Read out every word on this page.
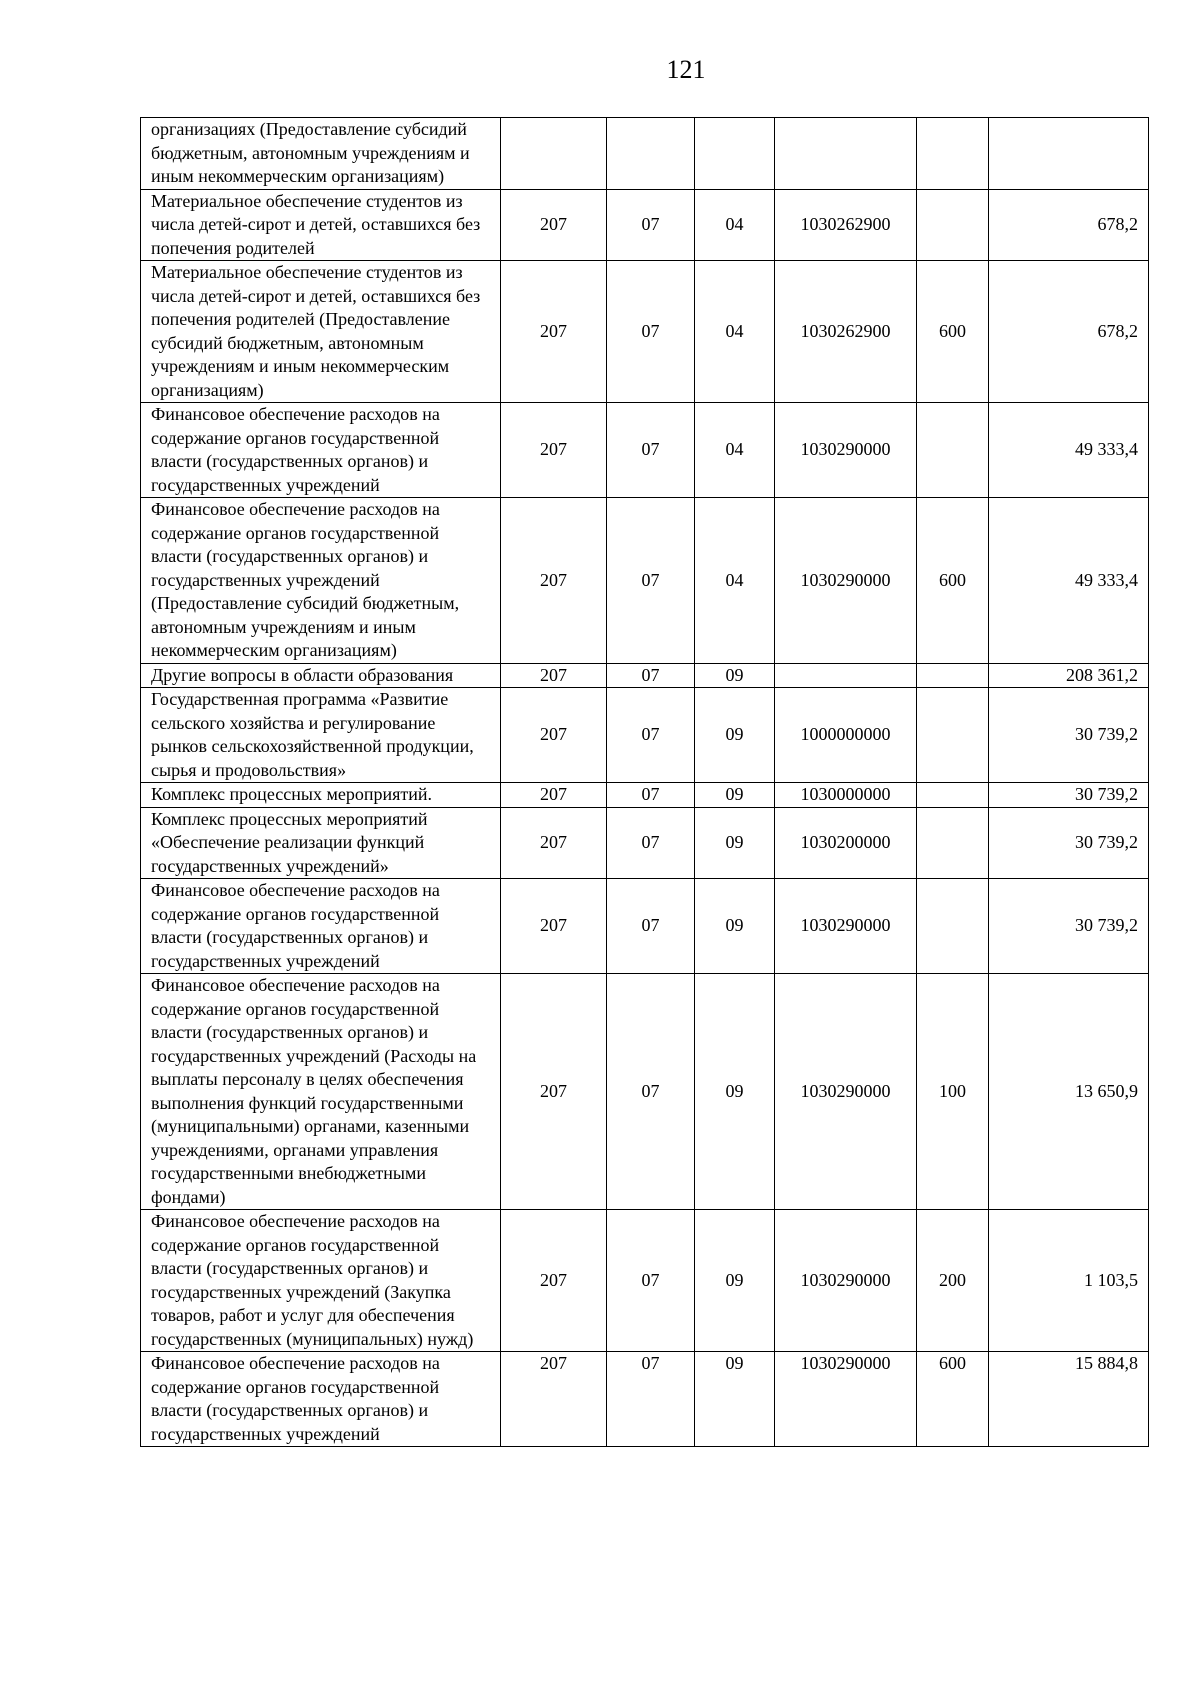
121
организациях (Предоставление субсидий бюджетным, автономным учреждениям и иным некоммерческим организациям)						
Материальное обеспечение студентов из числа детей-сирот и детей, оставшихся без попечения родителей	207	07	04	1030262900		678,2
Материальное обеспечение студентов из числа детей-сирот и детей, оставшихся без попечения родителей (Предоставление субсидий бюджетным, автономным учреждениям и иным некоммерческим организациям)	207	07	04	1030262900	600	678,2
Финансовое обеспечение расходов на содержание органов государственной власти (государственных органов) и государственных учреждений	207	07	04	1030290000		49 333,4
Финансовое обеспечение расходов на содержание органов государственной власти (государственных органов) и государственных учреждений (Предоставление субсидий бюджетным, автономным учреждениям и иным некоммерческим организациям)	207	07	04	1030290000	600	49 333,4
Другие вопросы в области образования	207	07	09			208 361,2
Государственная программа «Развитие сельского хозяйства и регулирование рынков сельскохозяйственной продукции, сырья и продовольствия»	207	07	09	1000000000		30 739,2
Комплекс процессных мероприятий.	207	07	09	1030000000		30 739,2
Комплекс процессных мероприятий «Обеспечение реализации функций государственных учреждений»	207	07	09	1030200000		30 739,2
Финансовое обеспечение расходов на содержание органов государственной власти (государственных органов) и государственных учреждений	207	07	09	1030290000		30 739,2
Финансовое обеспечение расходов на содержание органов государственной власти (государственных органов) и государственных учреждений (Расходы на выплаты персоналу в целях обеспечения выполнения функций государственными (муниципальными) органами, казенными учреждениями, органами управления государственными внебюджетными фондами)	207	07	09	1030290000	100	13 650,9
Финансовое обеспечение расходов на содержание органов государственной власти (государственных органов) и государственных учреждений (Закупка товаров, работ и услуг для обеспечения государственных (муниципальных) нужд)	207	07	09	1030290000	200	1 103,5
Финансовое обеспечение расходов на содержание органов государственной власти (государственных органов) и государственных учреждений	207	07	09	1030290000	600	15 884,8
